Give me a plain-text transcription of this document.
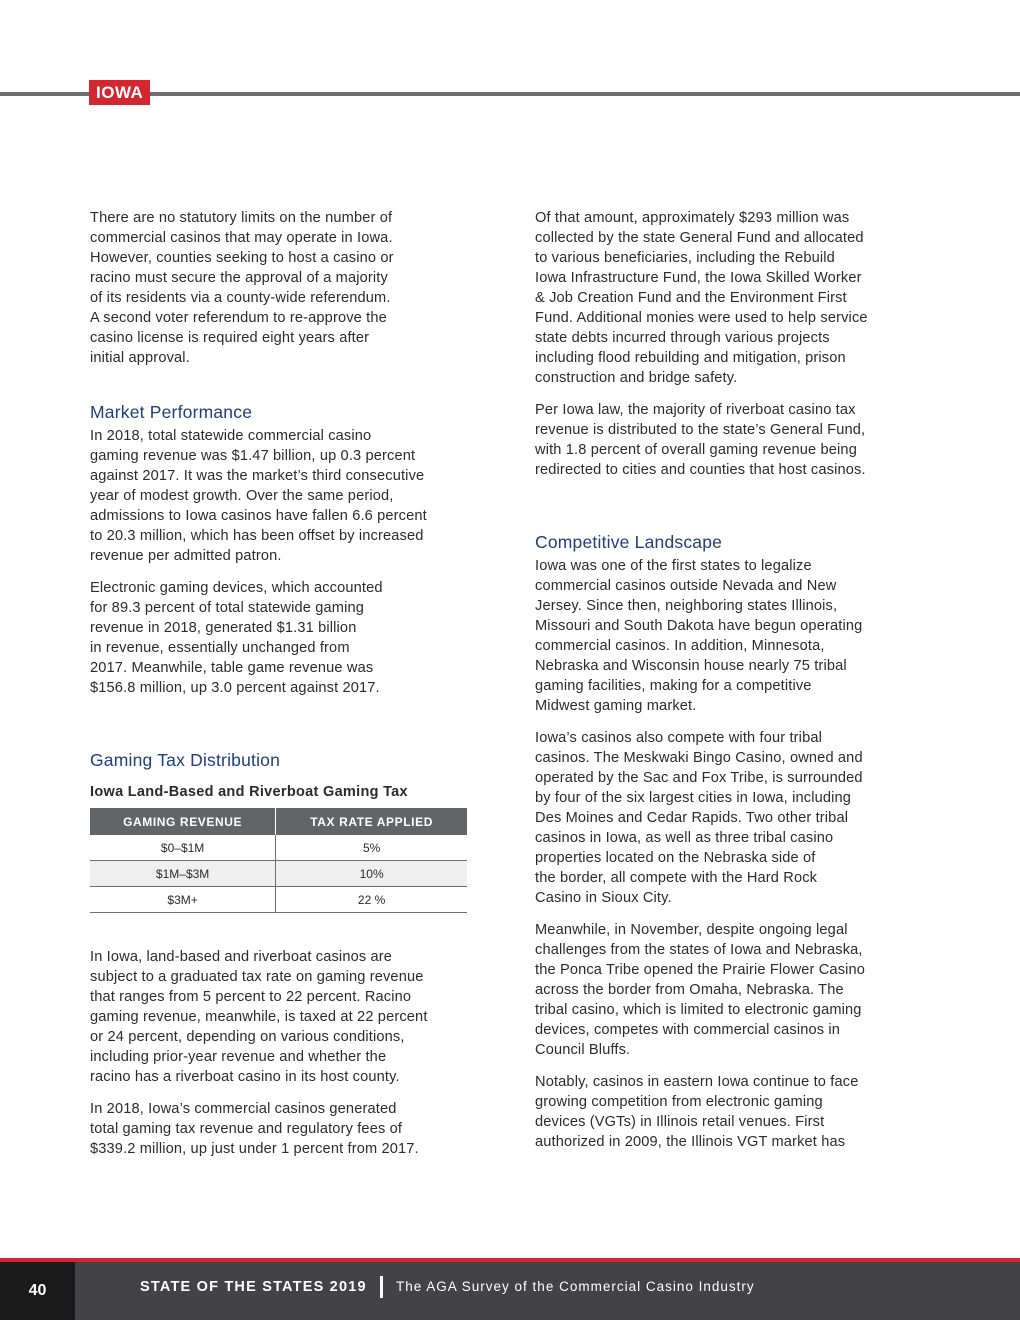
IOWA

There are no statutory limits on the number of
commercial casinos that may operate in Iowa.
However, counties seeking to host a casino or
racino must secure the approval of a majority
of its residents via a county-wide referendum.
A second voter referendum to re-approve the
casino license is required eight years after
initial approval.

Market Performance

In 2018, total statewide commercial casino
gaming revenue was $1.47 billion, up 0.3 percent
against 2017. It was the market’s third consecutive
year of modest growth. Over the same period,
admissions to Iowa casinos have fallen 6.6 percent
to 20.3 million, which has been offset by increased
revenue per admitted patron.

Electronic gaming devices, which accounted
for 89.3 percent of total statewide gaming
revenue in 2018, generated $1.31 billion
in revenue, essentially unchanged from
2017. Meanwhile, table game revenue was
$156.8 million, up 3.0 percent against 2017.

Gaming Tax Distribution
Iowa Land-Based and Riverboat Gaming Tax
GAMING REVENUE	TAX RATE APPLIED
$0–$1M	5%
$1M–$3M	10%
$3M+	22 %

In Iowa, land-based and riverboat casinos are
subject to a graduated tax rate on gaming revenue
that ranges from 5 percent to 22 percent. Racino
gaming revenue, meanwhile, is taxed at 22 percent
or 24 percent, depending on various conditions,
including prior-year revenue and whether the
racino has a riverboat casino in its host county.

In 2018, Iowa’s commercial casinos generated
total gaming tax revenue and regulatory fees of
$339.2 million, up just under 1 percent from 2017.

Of that amount, approximately $293 million was
collected by the state General Fund and allocated
to various beneficiaries, including the Rebuild
Iowa Infrastructure Fund, the Iowa Skilled Worker
& Job Creation Fund and the Environment First
Fund. Additional monies were used to help service
state debts incurred through various projects
including flood rebuilding and mitigation, prison
construction and bridge safety.

Per Iowa law, the majority of riverboat casino tax
revenue is distributed to the state’s General Fund,
with 1.8 percent of overall gaming revenue being
redirected to cities and counties that host casinos.

Competitive Landscape

Iowa was one of the first states to legalize
commercial casinos outside Nevada and New
Jersey. Since then, neighboring states Illinois,
Missouri and South Dakota have begun operating
commercial casinos. In addition, Minnesota,
Nebraska and Wisconsin house nearly 75 tribal
gaming facilities, making for a competitive
Midwest gaming market.

Iowa’s casinos also compete with four tribal
casinos. The Meskwaki Bingo Casino, owned and
operated by the Sac and Fox Tribe, is surrounded
by four of the six largest cities in Iowa, including
Des Moines and Cedar Rapids. Two other tribal
casinos in Iowa, as well as three tribal casino
properties located on the Nebraska side of
the border, all compete with the Hard Rock
Casino in Sioux City.

Meanwhile, in November, despite ongoing legal
challenges from the states of Iowa and Nebraska,
the Ponca Tribe opened the Prairie Flower Casino
across the border from Omaha, Nebraska. The
tribal casino, which is limited to electronic gaming
devices, competes with commercial casinos in
Council Bluffs.

Notably, casinos in eastern Iowa continue to face
growing competition from electronic gaming
devices (VGTs) in Illinois retail venues. First
authorized in 2009, the Illinois VGT market has

40	STATE OF THE STATES 2019 The AGA Survey of the Commercial Casino Industry
